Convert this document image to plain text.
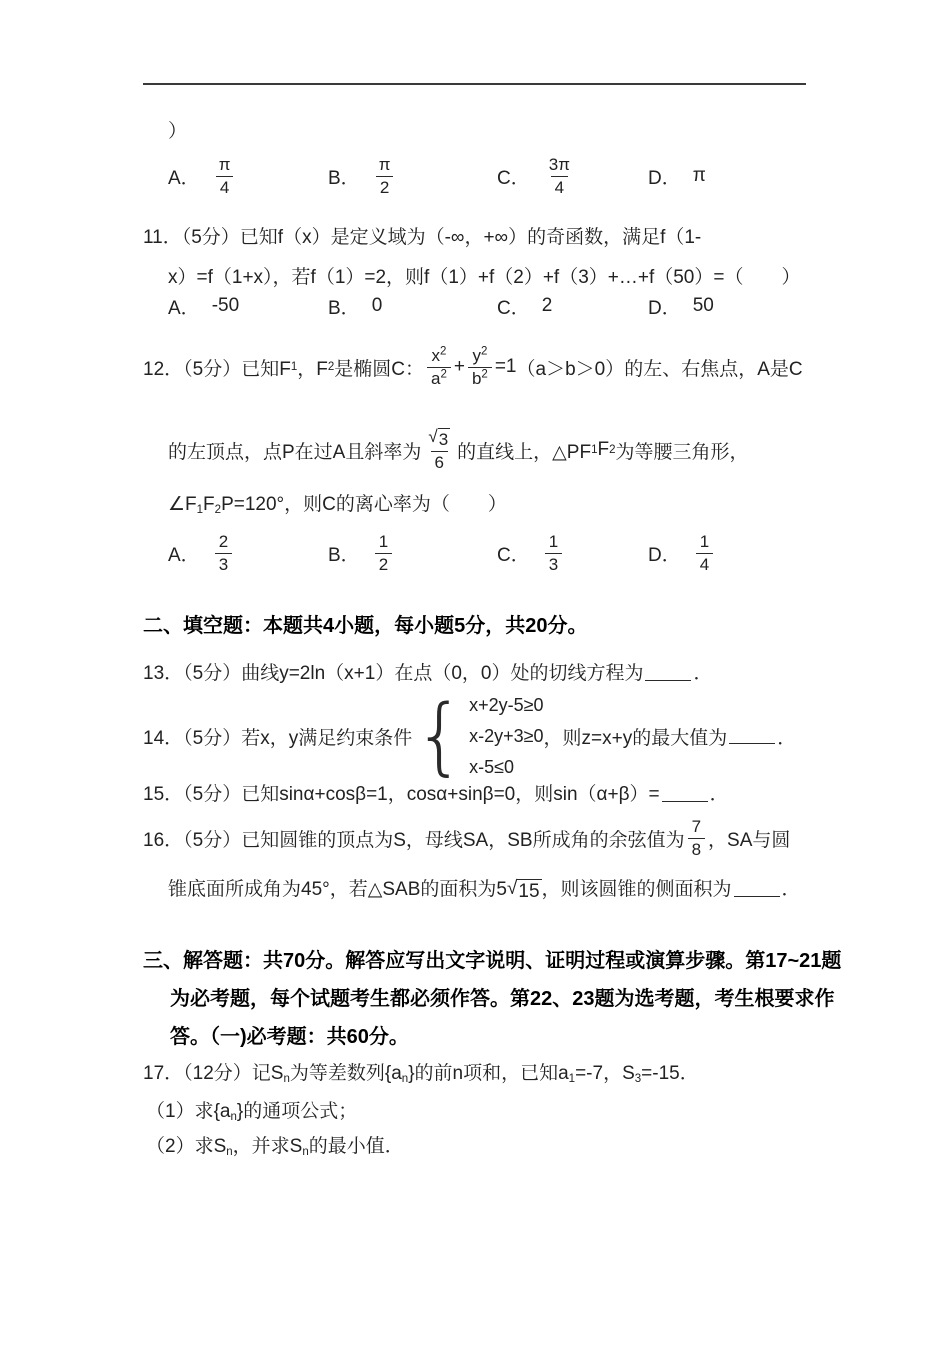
）
A． $\frac{\pi}{4}$	B． $\frac{\pi}{2}$	C． $\frac{3\pi}{4}$	D． π
11．（5分）已知f（x）是定义域为（-∞，+∞）的奇函数，满足f（1-
x）=f（1+x），若f（1）=2，则f（1）+f（2）+f（3）+…+f（50）=（　　）
A． -50	B． 0	C． 2	D． 50
12．（5分）已知F 1 ，F 2 是椭圆C： $\frac{x^2}{a^2} + \frac{y^2}{b^2} =1$ （a＞b＞0）的左、右焦点，A是C
的左顶点，点P在过A且斜率为 $\frac{√ 3}{6}$ 的直线上，△PF 1 F 2 为等腰三角形，
$\angle F_1F_2P=120^\circ$，则C的离心率为（　　）
A． $\frac{2}{3}$	B． $\frac{1}{2}$	C． $\frac{1}{3}$	D． $\frac{1}{4}$
二、填空题：本题共4小题，每小题5分，共20分。
13．（5分）曲线y=2ln（x+1）在点（0，0）处的切线方程为	．
14．（5分）若x，y满足约束条件 { x+2y-5≥0
x-2y+3≥0
x-5≤0
，则z=x+y的最大值为	．
15．（5分）已知sinα+cosβ=1，cosα+sinβ=0，则sin（α+β）=	．
16．（5分）已知圆锥的顶点为S，母线SA，SB所成角的余弦值为 $\frac{7}{8}$ ，SA与圆
锥底面所成角为45°，若△SAB的面积为5 √ 15 ，则该圆锥的侧面积为	．
三、解答题：共70分。解答应写出文字说明、证明过程或演算步骤。第17~21题
为必考题，每个试题考生都必须作答。第22、23题为选考题，考生根要求作
答。（一)必考题：共60分。
17．（12分）记$S_n$为等差数列$\{a_n\}$的前n项和，已知$a_1=-7$，$S_3=-15$．
（1）求$\{a_n\}$的通项公式；
（2）求$S_n$，并求$S_n$的最小值．
